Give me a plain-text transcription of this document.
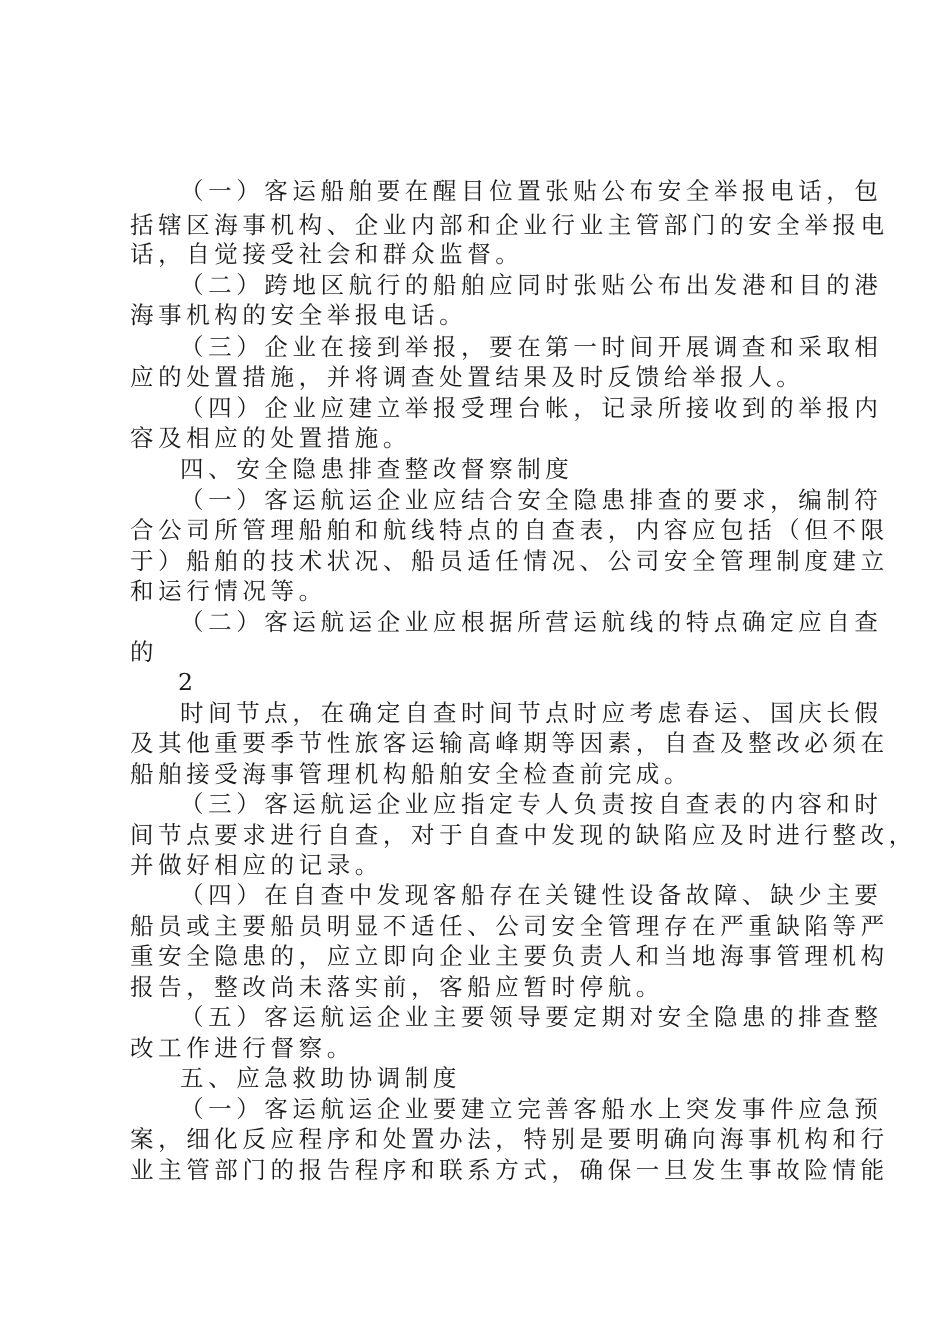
（一）客运船舶要在醒目位置张贴公布安全举报电话，包
括辖区海事机构、企业内部和企业行业主管部门的安全举报电
话，自觉接受社会和群众监督。
（二）跨地区航行的船舶应同时张贴公布出发港和目的港
海事机构的安全举报电话。
（三）企业在接到举报，要在第一时间开展调查和采取相
应的处置措施，并将调查处置结果及时反馈给举报人。
（四）企业应建立举报受理台帐，记录所接收到的举报内
容及相应的处置措施。
四、安全隐患排查整改督察制度
（一）客运航运企业应结合安全隐患排查的要求，编制符
合公司所管理船舶和航线特点的自查表，内容应包括（但不限
于）船舶的技术状况、船员适任情况、公司安全管理制度建立
和运行情况等。
（二）客运航运企业应根据所营运航线的特点确定应自查
的
2
时间节点，在确定自查时间节点时应考虑春运、国庆长假
及其他重要季节性旅客运输高峰期等因素，自查及整改必须在
船舶接受海事管理机构船舶安全检查前完成。
（三）客运航运企业应指定专人负责按自查表的内容和时
间节点要求进行自查，对于自查中发现的缺陷应及时进行整改，
并做好相应的记录。
（四）在自查中发现客船存在关键性设备故障、缺少主要
船员或主要船员明显不适任、公司安全管理存在严重缺陷等严
重安全隐患的，应立即向企业主要负责人和当地海事管理机构
报告，整改尚未落实前，客船应暂时停航。
（五）客运航运企业主要领导要定期对安全隐患的排查整
改工作进行督察。
五、应急救助协调制度
（一）客运航运企业要建立完善客船水上突发事件应急预
案，细化反应程序和处置办法，特别是要明确向海事机构和行
业主管部门的报告程序和联系方式，确保一旦发生事故险情能
